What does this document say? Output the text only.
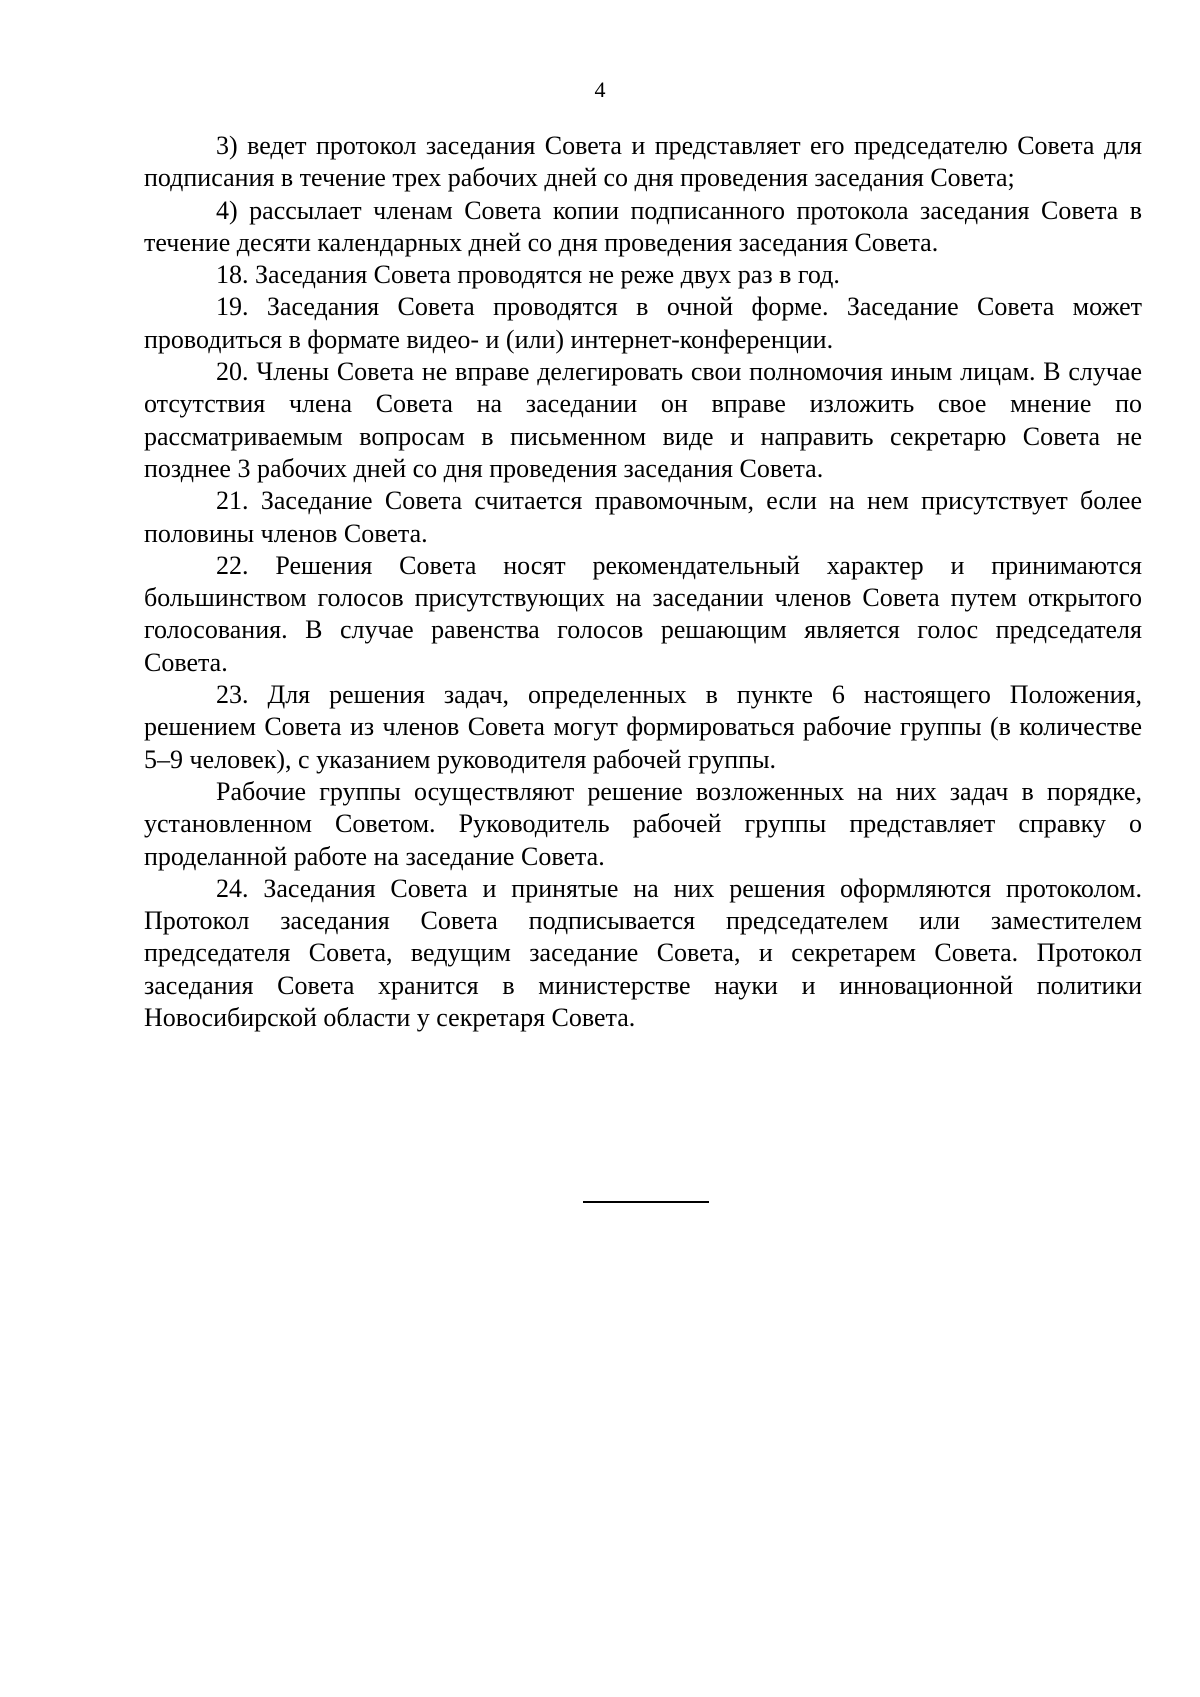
4

3) ведет протокол заседания Совета и представляет его председателю Совета для подписания в течение трех рабочих дней со дня проведения заседания Совета;

4) рассылает членам Совета копии подписанного протокола заседания Совета в течение десяти календарных дней со дня проведения заседания Совета.

18. Заседания Совета проводятся не реже двух раз в год.

19. Заседания Совета проводятся в очной форме. Заседание Совета может проводиться в формате видео- и (или) интернет-конференции.

20. Члены Совета не вправе делегировать свои полномочия иным лицам. В случае отсутствия члена Совета на заседании он вправе изложить свое мнение по рассматриваемым вопросам в письменном виде и направить секретарю Совета не позднее 3 рабочих дней со дня проведения заседания Совета.

21. Заседание Совета считается правомочным, если на нем присутствует более половины членов Совета.

22. Решения Совета носят рекомендательный характер и принимаются большинством голосов присутствующих на заседании членов Совета путем открытого голосования. В случае равенства голосов решающим является голос председателя Совета.

23. Для решения задач, определенных в пункте 6 настоящего Положения, решением Совета из членов Совета могут формироваться рабочие группы (в количестве 5–9 человек), с указанием руководителя рабочей группы.

Рабочие группы осуществляют решение возложенных на них задач в порядке, установленном Советом. Руководитель рабочей группы представляет справку о проделанной работе на заседание Совета.

24. Заседания Совета и принятые на них решения оформляются протоколом. Протокол заседания Совета подписывается председателем или заместителем председателя Совета, ведущим заседание Совета, и секретарем Совета. Протокол заседания Совета хранится в министерстве науки и инновационной политики Новосибирской области у секретаря Совета.
